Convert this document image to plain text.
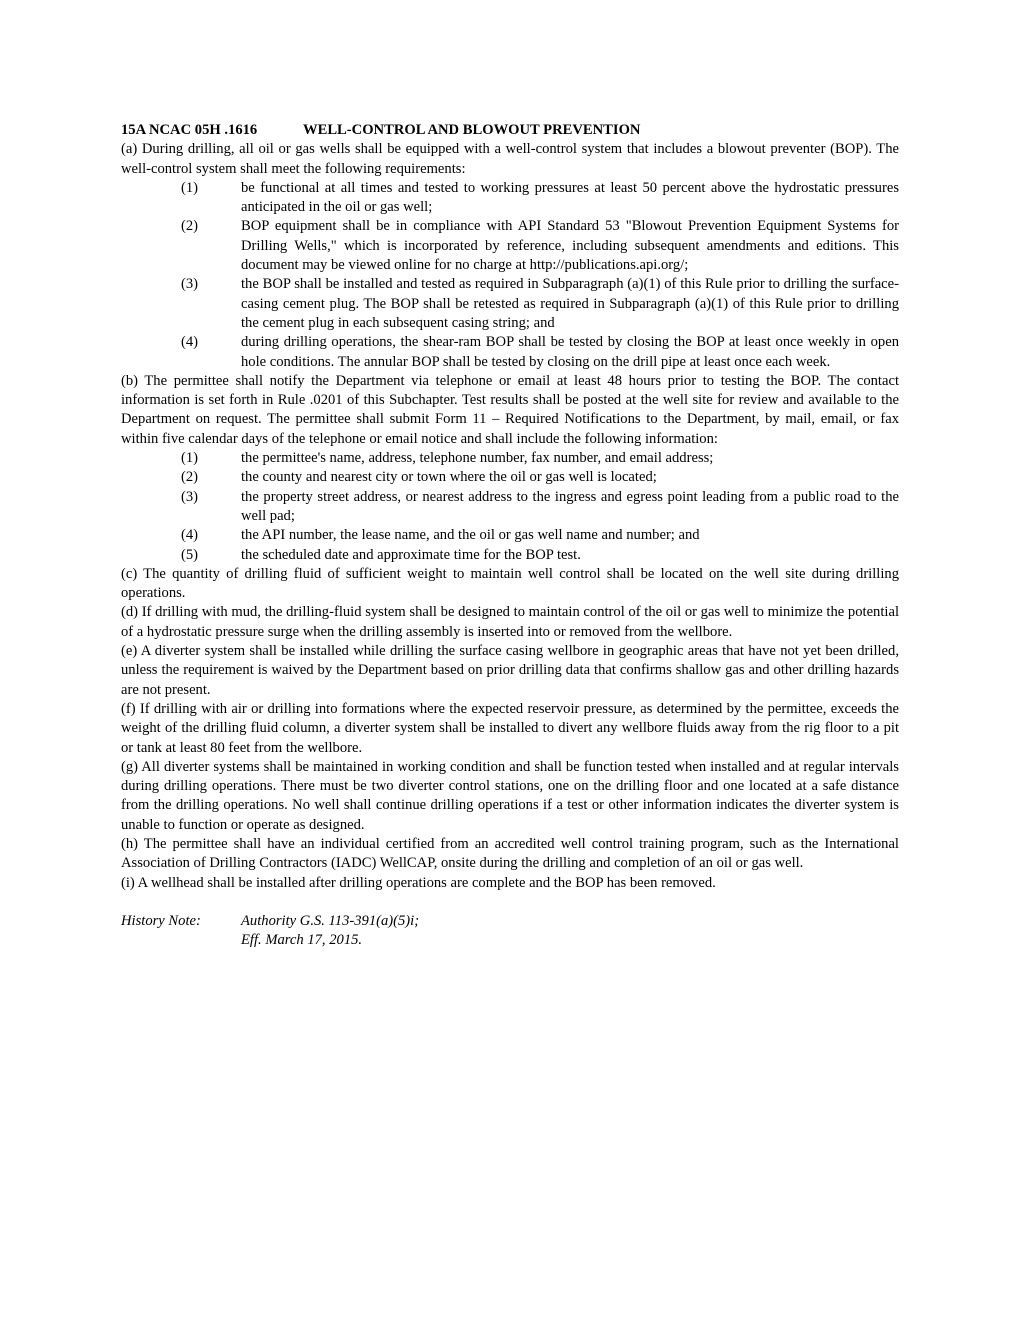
15A NCAC 05H .1616	WELL-CONTROL AND BLOWOUT PREVENTION

(a) During drilling, all oil or gas wells shall be equipped with a well-control system that includes a blowout preventer (BOP). The well-control system shall meet the following requirements:

(1)	be functional at all times and tested to working pressures at least 50 percent above the hydrostatic pressures anticipated in the oil or gas well;
(2)	BOP equipment shall be in compliance with API Standard 53 "Blowout Prevention Equipment Systems for Drilling Wells," which is incorporated by reference, including subsequent amendments and editions. This document may be viewed online for no charge at http://publications.api.org/;
(3)	the BOP shall be installed and tested as required in Subparagraph (a)(1) of this Rule prior to drilling the surface-casing cement plug. The BOP shall be retested as required in Subparagraph (a)(1) of this Rule prior to drilling the cement plug in each subsequent casing string; and
(4)	during drilling operations, the shear-ram BOP shall be tested by closing the BOP at least once weekly in open hole conditions. The annular BOP shall be tested by closing on the drill pipe at least once each week.

(b) The permittee shall notify the Department via telephone or email at least 48 hours prior to testing the BOP. The contact information is set forth in Rule .0201 of this Subchapter. Test results shall be posted at the well site for review and available to the Department on request. The permittee shall submit Form 11 – Required Notifications to the Department, by mail, email, or fax within five calendar days of the telephone or email notice and shall include the following information:

(1)	the permittee's name, address, telephone number, fax number, and email address;
(2)	the county and nearest city or town where the oil or gas well is located;
(3)	the property street address, or nearest address to the ingress and egress point leading from a public road to the well pad;
(4)	the API number, the lease name, and the oil or gas well name and number; and
(5)	the scheduled date and approximate time for the BOP test.

(c) The quantity of drilling fluid of sufficient weight to maintain well control shall be located on the well site during drilling operations.

(d) If drilling with mud, the drilling-fluid system shall be designed to maintain control of the oil or gas well to minimize the potential of a hydrostatic pressure surge when the drilling assembly is inserted into or removed from the wellbore.

(e) A diverter system shall be installed while drilling the surface casing wellbore in geographic areas that have not yet been drilled, unless the requirement is waived by the Department based on prior drilling data that confirms shallow gas and other drilling hazards are not present.

(f) If drilling with air or drilling into formations where the expected reservoir pressure, as determined by the permittee, exceeds the weight of the drilling fluid column, a diverter system shall be installed to divert any wellbore fluids away from the rig floor to a pit or tank at least 80 feet from the wellbore.

(g) All diverter systems shall be maintained in working condition and shall be function tested when installed and at regular intervals during drilling operations. There must be two diverter control stations, one on the drilling floor and one located at a safe distance from the drilling operations. No well shall continue drilling operations if a test or other information indicates the diverter system is unable to function or operate as designed.

(h) The permittee shall have an individual certified from an accredited well control training program, such as the International Association of Drilling Contractors (IADC) WellCAP, onsite during the drilling and completion of an oil or gas well.

(i) A wellhead shall be installed after drilling operations are complete and the BOP has been removed.

History Note:	Authority G.S. 113-391(a)(5)i;
Eff. March 17, 2015.
